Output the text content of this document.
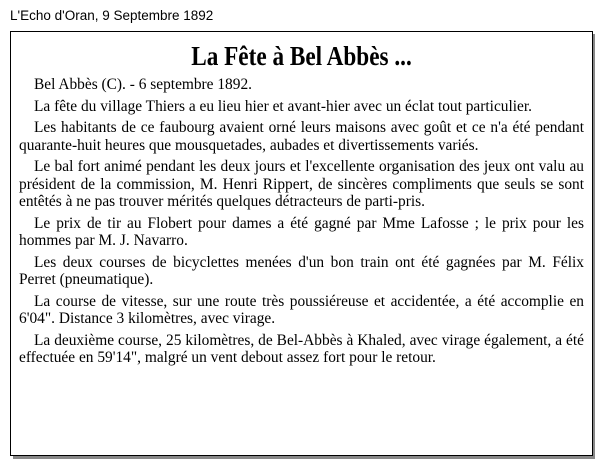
L'Echo d'Oran, 9 Septembre 1892
La Fête à Bel Abbès ...

Bel Abbès (C). - 6 septembre 1892.

La fête du village Thiers a eu lieu hier et avant-hier avec un éclat tout particulier.

Les habitants de ce faubourg avaient orné leurs maisons avec goût et ce n'a été pendant quarante-huit heures que mousquetades, aubades et divertissements variés.

Le bal fort animé pendant les deux jours et l'excellente organisation des jeux ont valu au président de la commission, M. Henri Rippert, de sincères compliments que seuls se sont entêtés à ne pas trouver mérités quelques détracteurs de parti-pris.

Le prix de tir au Flobert pour dames a été gagné par Mme Lafosse ; le prix pour les hommes par M. J. Navarro.

Les deux courses de bicyclettes menées d'un bon train ont été gagnées par M. Félix Perret (pneumatique).

La course de vitesse, sur une route très poussiéreuse et accidentée, a été accomplie en 6'04". Distance 3 kilomètres, avec virage.

La deuxième course, 25 kilomètres, de Bel-Abbès à Khaled, avec virage également, a été effectuée en 59'14", malgré un vent debout assez fort pour le retour.
